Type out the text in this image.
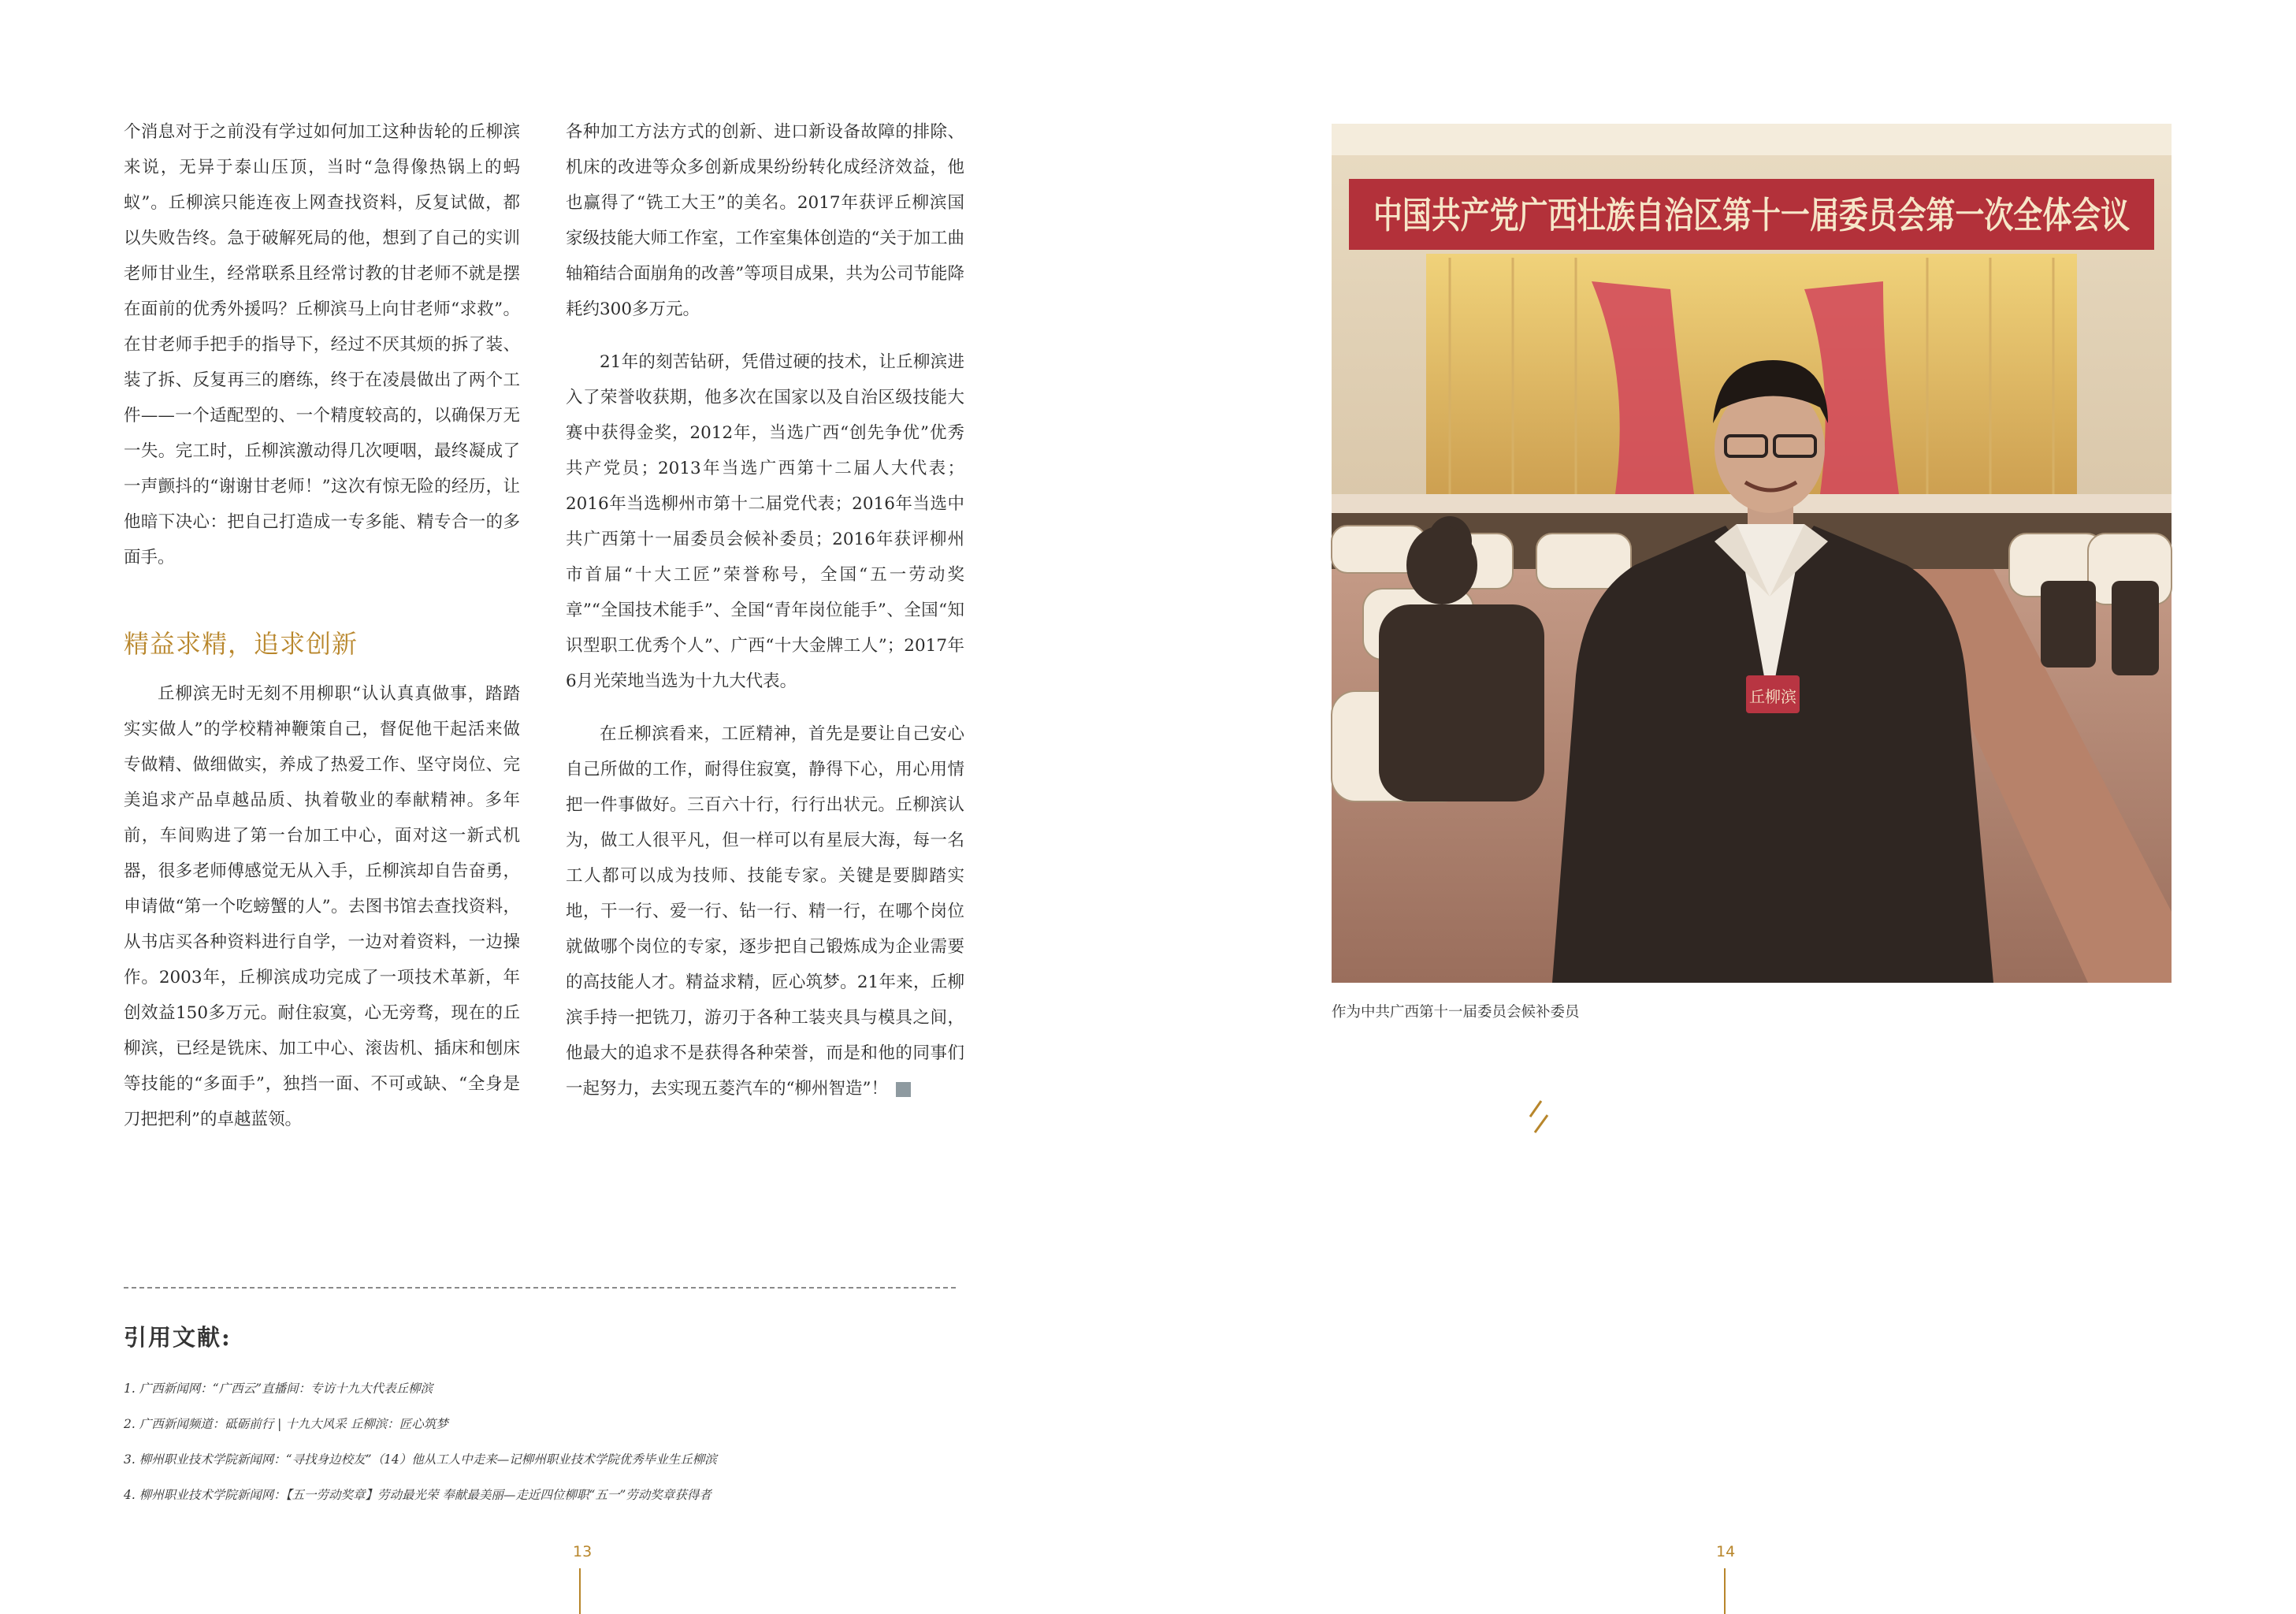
个消息对于之前没有学过如何加工这种齿轮的丘柳滨来说，无异于泰山压顶，当时“急得像热锅上的蚂蚁”。丘柳滨只能连夜上网查找资料，反复试做，都以失败告终。急于破解死局的他，想到了自己的实训老师甘业生，经常联系且经常讨教的甘老师不就是摆在面前的优秀外援吗？丘柳滨马上向甘老师“求救”。在甘老师手把手的指导下，经过不厌其烦的拆了装、装了拆、反复再三的磨练，终于在凌晨做出了两个工件——一个适配型的、一个精度较高的，以确保万无一失。完工时，丘柳滨激动得几次哽咽，最终凝成了一声颤抖的“谢谢甘老师！”这次有惊无险的经历，让他暗下决心：把自己打造成一专多能、精专合一的多面手。

精益求精，追求创新

丘柳滨无时无刻不用柳职“认认真真做事，踏踏实实做人”的学校精神鞭策自己，督促他干起活来做专做精、做细做实，养成了热爱工作、坚守岗位、完美追求产品卓越品质、执着敬业的奉献精神。多年前，车间购进了第一台加工中心，面对这一新式机器，很多老师傅感觉无从入手，丘柳滨却自告奋勇，申请做“第一个吃螃蟹的人”。去图书馆去查找资料，从书店买各种资料进行自学，一边对着资料，一边操作。2003年，丘柳滨成功完成了一项技术革新，年创效益150多万元。耐住寂寞，心无旁骛，现在的丘柳滨，已经是铣床、加工中心、滚齿机、插床和刨床等技能的“多面手”，独挡一面、不可或缺、“全身是刀把把利”的卓越蓝领。

各种加工方法方式的创新、进口新设备故障的排除、机床的改进等众多创新成果纷纷转化成经济效益，他也赢得了“铣工大王”的美名。2017年获评丘柳滨国家级技能大师工作室，工作室集体创造的“关于加工曲轴箱结合面崩角的改善”等项目成果，共为公司节能降耗约300多万元。

21年的刻苦钻研，凭借过硬的技术，让丘柳滨进入了荣誉收获期，他多次在国家以及自治区级技能大赛中获得金奖，2012年，当选广西“创先争优”优秀共产党员；2013年当选广西第十二届人大代表；2016年当选柳州市第十二届党代表；2016年当选中共广西第十一届委员会候补委员；2016年获评柳州市首届“十大工匠”荣誉称号，全国“五一劳动奖章”“全国技术能手”、全国“青年岗位能手”、全国“知识型职工优秀个人”、广西“十大金牌工人”；2017年6月光荣地当选为十九大代表。

在丘柳滨看来，工匠精神，首先是要让自己安心自己所做的工作，耐得住寂寞，静得下心，用心用情把一件事做好。三百六十行，行行出状元。丘柳滨认为，做工人很平凡，但一样可以有星辰大海，每一名工人都可以成为技师、技能专家。关键是要脚踏实地，干一行、爱一行、钻一行、精一行，在哪个岗位就做哪个岗位的专家，逐步把自己锻炼成为企业需要的高技能人才。精益求精，匠心筑梦。21年来，丘柳滨手持一把铣刀，游刃于各种工装夹具与模具之间，他最大的追求不是获得各种荣誉，而是和他的同事们一起努力，去实现五菱汽车的“柳州智造”！

引用文献:
1. 广西新闻网：“广西云”直播间：专访十九大代表丘柳滨
2. 广西新闻频道：砥砺前行 | 十九大风采 丘柳滨：匠心筑梦
3. 柳州职业技术学院新闻网：“寻找身边校友”（14）他从工人中走来—记柳州职业技术学院优秀毕业生丘柳滨
4. 柳州职业技术学院新闻网：【五一劳动奖章】劳动最光荣 奉献最美丽—走近四位柳职“五一”劳动奖章获得者
13
中国共产党广西壮族自治区第十一届委员会第一次全体会议
丘柳滨
作为中共广西第十一届委员会候补委员
14
